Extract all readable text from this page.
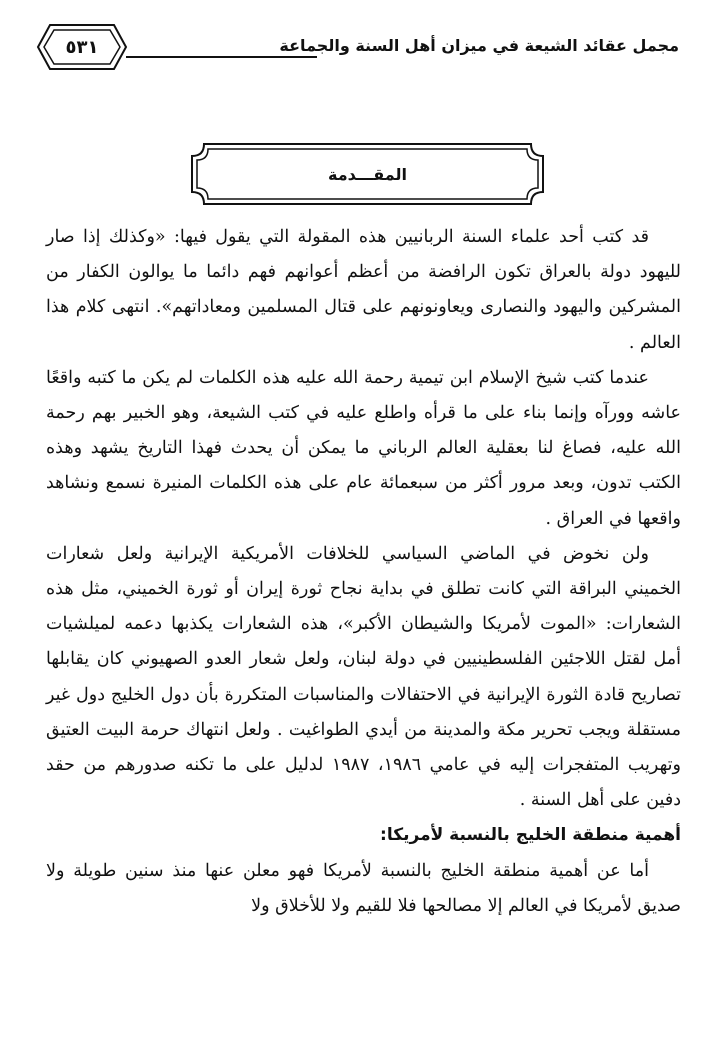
مجمل عقائد الشيعة في ميزان أهل السنة والجماعة
٥٣١
المقـــدمة

قد كتب أحد علماء السنة الربانيين هذه المقولة التي يقول فيها: «وكذلك إذا صار لليهود دولة بالعراق تكون الرافضة من أعظم أعوانهم فهم دائما ما يوالون الكفار من المشركين واليهود والنصارى ويعاونونهم على قتال المسلمين ومعاداتهم». انتهى كلام هذا العالم .

عندما كتب شيخ الإسلام ابن تيمية رحمة الله عليه هذه الكلمات لم يكن ما كتبه واقعًا عاشه وورآه وإنما بناء على ما قرأه واطلع عليه في كتب الشيعة، وهو الخبير بهم رحمة الله عليه، فصاغ لنا بعقلية العالم الرباني ما يمكن أن يحدث فهذا التاريخ يشهد وهذه الكتب تدون، وبعد مرور أكثر من سبعمائة عام على هذه الكلمات المنيرة نسمع ونشاهد واقعها في العراق .

ولن نخوض في الماضي السياسي للخلافات الأمريكية الإيرانية ولعل شعارات الخميني البراقة التي كانت تطلق في بداية نجاح ثورة إيران أو ثورة الخميني، مثل هذه الشعارات: «الموت لأمريكا والشيطان الأكبر»، هذه الشعارات يكذبها دعمه لميلشيات أمل لقتل اللاجئين الفلسطينيين في دولة لبنان، ولعل شعار العدو الصهيوني كان يقابلها تصاريح قادة الثورة الإيرانية في الاحتفالات والمناسبات المتكررة بأن دول الخليج دول غير مستقلة ويجب تحرير مكة والمدينة من أيدي الطواغيت . ولعل انتهاك حرمة البيت العتيق وتهريب المتفجرات إليه في عامي ١٩٨٦، ١٩٨٧ لدليل على ما تكنه صدورهم من حقد دفين على أهل السنة .

أهمية منطقة الخليج بالنسبة لأمريكا:

أما عن أهمية منطقة الخليج بالنسبة لأمريكا فهو معلن عنها منذ سنين طويلة ولا صديق لأمريكا في العالم إلا مصالحها فلا للقيم ولا للأخلاق ولا
